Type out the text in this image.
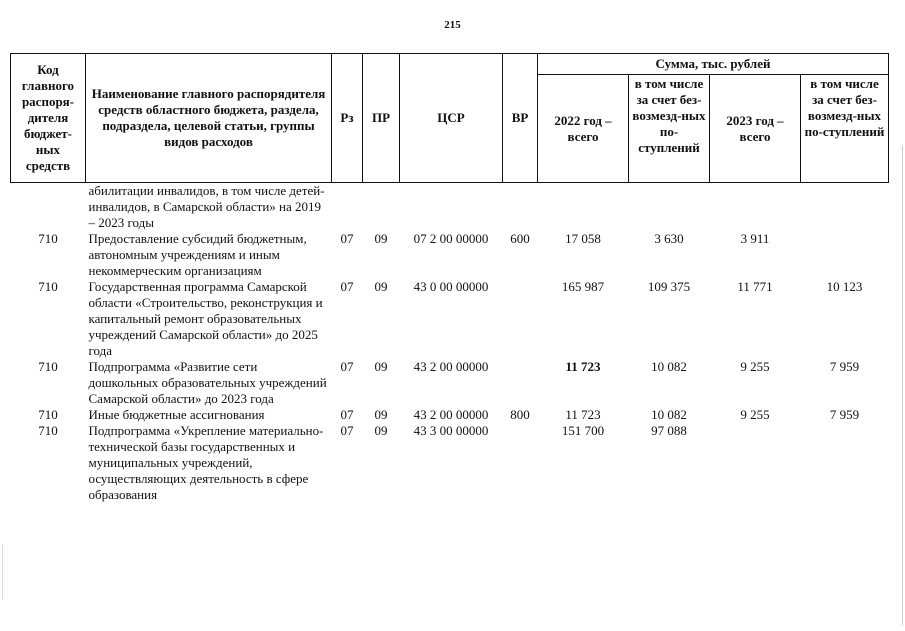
215
Код главного распоря-дителя бюджет-ных средств	Наименование главного распорядителя средств областного бюджета, раздела, подраздела, целевой статьи, группы видов расходов	Рз	ПР	ЦСР	ВР	Сумма, тыс. рублей			
						2022 год – всего	в том числе за счет без-возмезд-ных по-ступлений	2023 год – всего	в том числе за счет без-возмезд-ных по-ступлений
	абилитации инвалидов, в том числе детей-инвалидов, в Самарской области» на 2019 – 2023 годы								
710	Предоставление субсидий бюджетным, автономным учреждениям и иным некоммерческим организациям	07	09	07 2 00 00000	600	17 058	3 630	3 911	
710	Государственная программа Самарской области «Строительство, реконструкция и капитальный ремонт образовательных учреждений Самарской области» до 2025 года	07	09	43 0 00 00000		165 987	109 375	11 771	10 123
710	Подпрограмма «Развитие сети дошкольных образовательных учреждений Самарской области» до 2023 года	07	09	43 2 00 00000		11 723	10 082	9 255	7 959
710	Иные бюджетные ассигнования	07	09	43 2 00 00000	800	11 723	10 082	9 255	7 959
710	Подпрограмма «Укрепление материально-технической базы государственных и муниципальных учреждений, осуществляющих деятельность в сфере образования	07	09	43 3 00 00000		151 700	97 088		
